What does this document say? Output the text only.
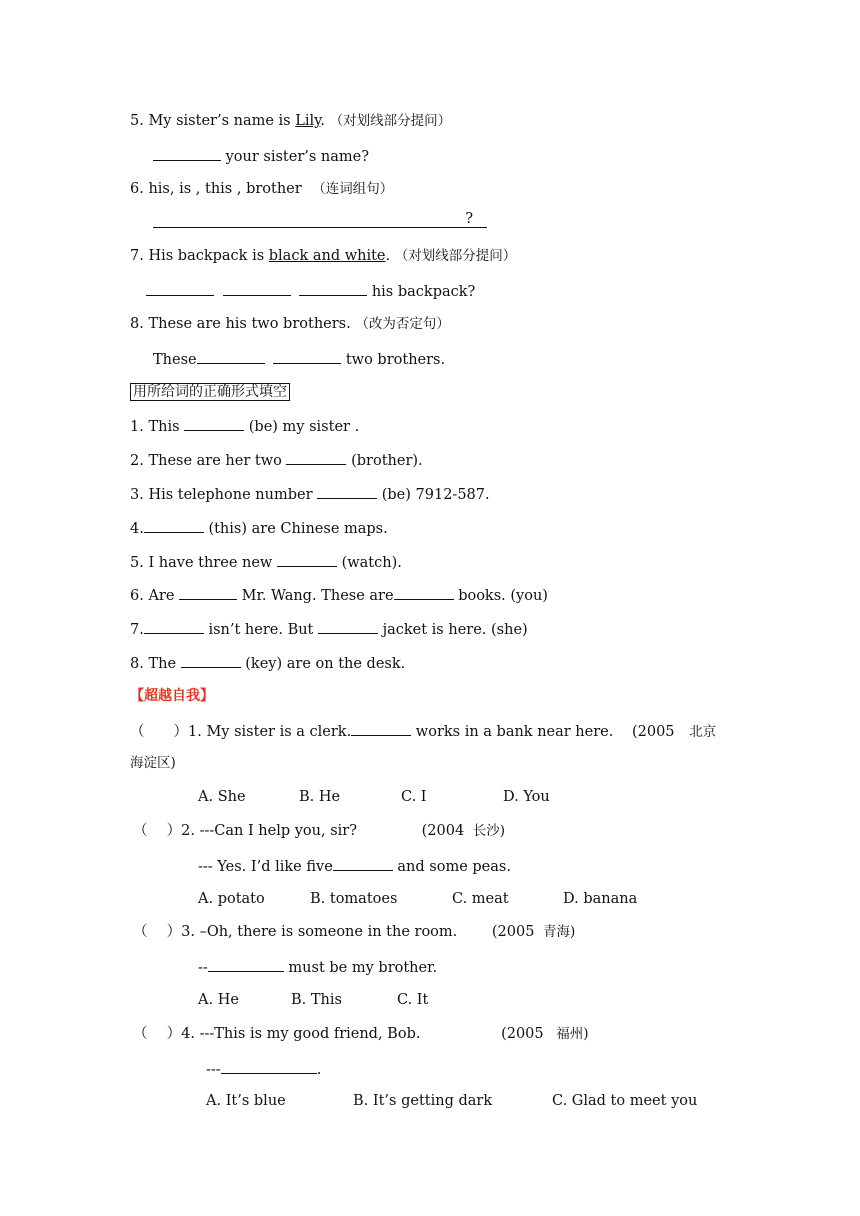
5. My sister’s name is Lily. （对划线部分提问）
your sister’s name?
6. his, is , this , brother （连词组句）
?
7. His backpack is black and white. （对划线部分提问）
his backpack?
8. These are his two brothers. （改为否定句）
These	two brothers.
用所给词的正确形式填空
1. This	(be) my sister .
2. These are her two	(brother).
3. His telephone number	(be) 7912-587.
4.	(this) are Chinese maps.
5. I have three new	(watch).
6. Are	Mr. Wang. These are	books. (you)
7.	isn’t here. But	jacket is here. (she)
8. The	(key) are on the desk.
【超越自我】
（　　）1. My sister is a clerk.	works in a bank near here. (2005 北京
海淀区)
A. She	B. He	C. I	D. You
（　 ）2. ---Can I help you, sir?	(2004 长沙)
--- Yes. I’d like five	and some peas.
A. potato	B. tomatoes	C. meat	D. banana
（　 ）3. –Oh, there is someone in the room. (2005 青海)
--	must be my brother.
A. He	B. This	C. It
（　 ）4. ---This is my good friend, Bob.	(2005 福州)
---	.
A. It’s blue	B. It’s getting dark	C. Glad to meet you
